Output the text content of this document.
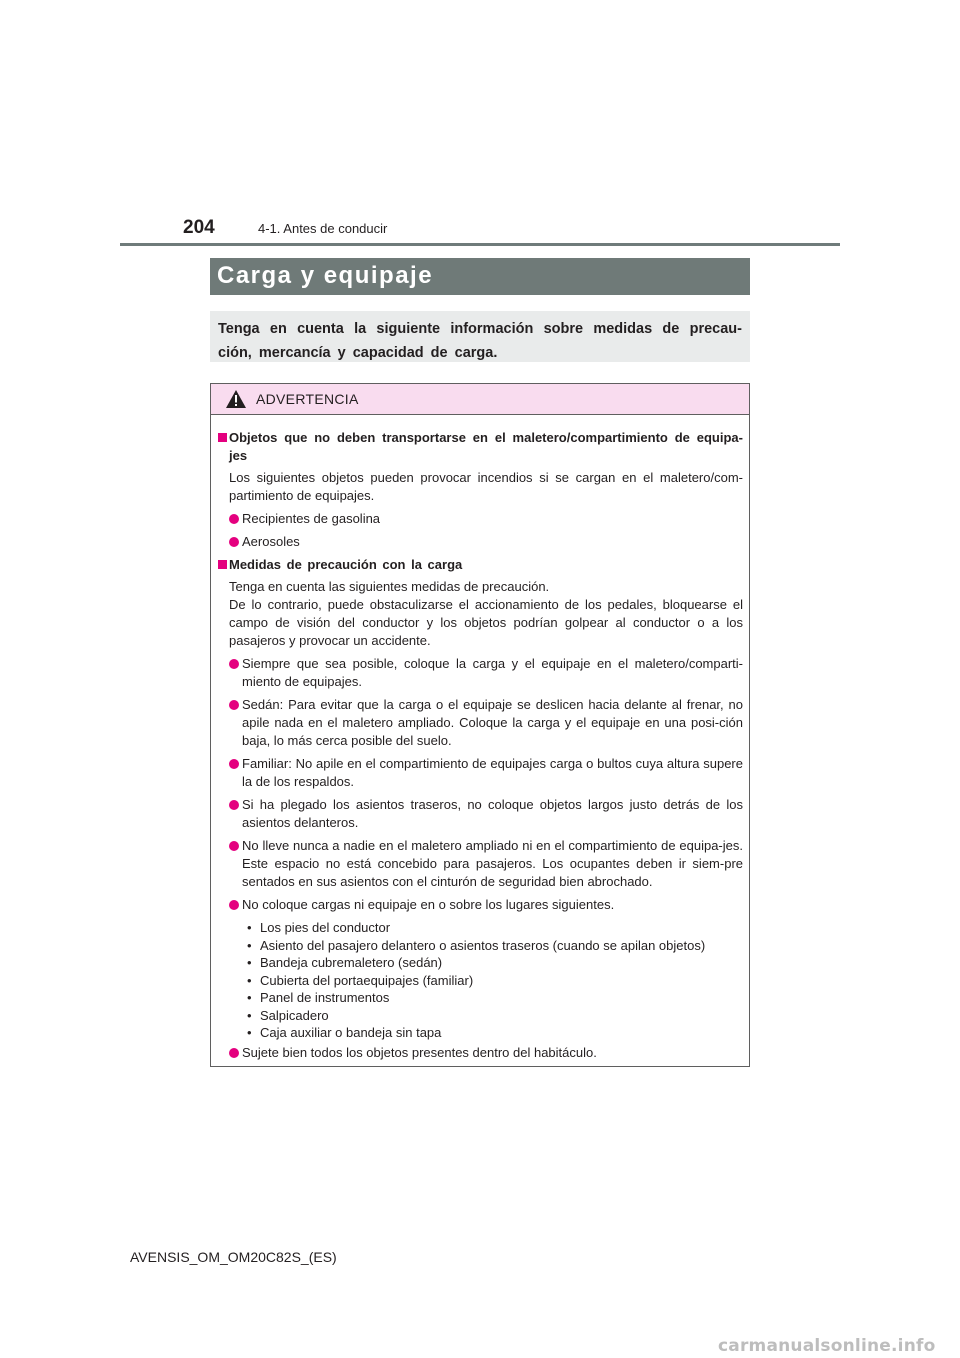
204	4-1. Antes de conducir
Carga y equipaje
Tenga en cuenta la siguiente información sobre medidas de precau-ción, mercancía y capacidad de carga.
ADVERTENCIA
Objetos que no deben transportarse en el maletero/compartimiento de equipa-jes
Los siguientes objetos pueden provocar incendios si se cargan en el maletero/com-partimiento de equipajes.
Recipientes de gasolina
Aerosoles
Medidas de precaución con la carga
Tenga en cuenta las siguientes medidas de precaución.
De lo contrario, puede obstaculizarse el accionamiento de los pedales, bloquearse el campo de visión del conductor y los objetos podrían golpear al conductor o a los pasajeros y provocar un accidente.
Siempre que sea posible, coloque la carga y el equipaje en el maletero/comparti-miento de equipajes.
Sedán: Para evitar que la carga o el equipaje se deslicen hacia delante al frenar, no apile nada en el maletero ampliado. Coloque la carga y el equipaje en una posi-ción baja, lo más cerca posible del suelo.
Familiar: No apile en el compartimiento de equipajes carga o bultos cuya altura supere la de los respaldos.
Si ha plegado los asientos traseros, no coloque objetos largos justo detrás de los asientos delanteros.
No lleve nunca a nadie en el maletero ampliado ni en el compartimiento de equipa-jes. Este espacio no está concebido para pasajeros. Los ocupantes deben ir siem-pre sentados en sus asientos con el cinturón de seguridad bien abrochado.
No coloque cargas ni equipaje en o sobre los lugares siguientes.
• Los pies del conductor
• Asiento del pasajero delantero o asientos traseros (cuando se apilan objetos)
• Bandeja cubremaletero (sedán)
• Cubierta del portaequipajes (familiar)
• Panel de instrumentos
• Salpicadero
• Caja auxiliar o bandeja sin tapa
Sujete bien todos los objetos presentes dentro del habitáculo.
AVENSIS_OM_OM20C82S_(ES)
carmanualsonline.info
